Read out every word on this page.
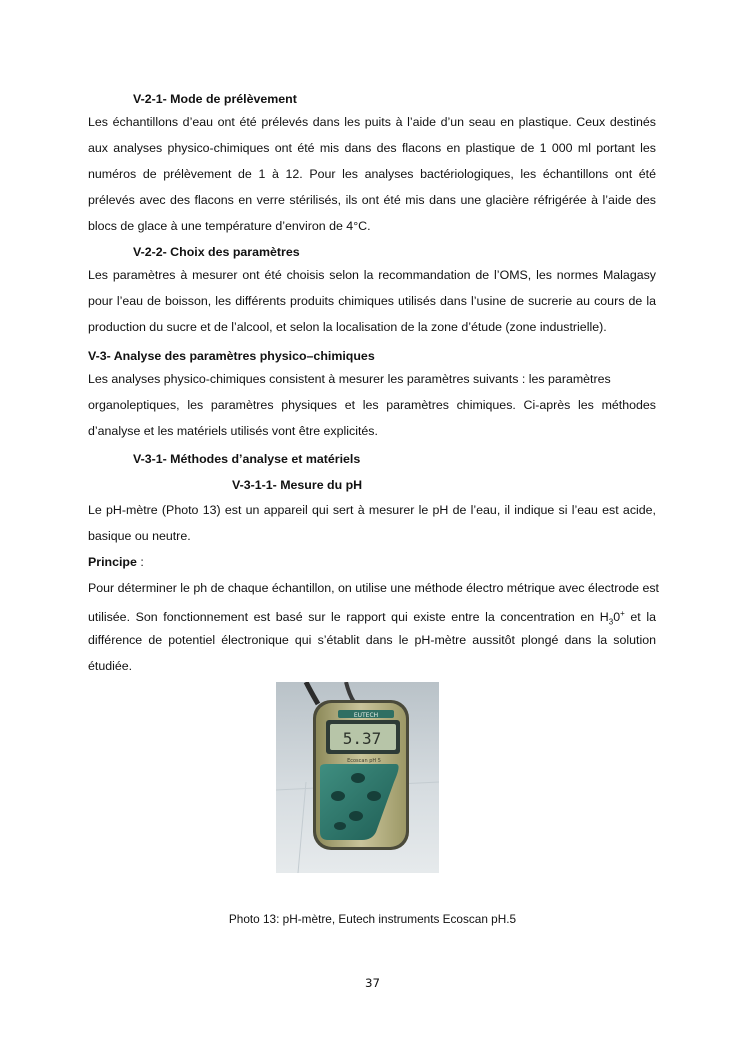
V-2-1- Mode de prélèvement
Les échantillons d’eau ont été prélevés dans les puits à l’aide d’un seau en plastique. Ceux destinés
aux analyses physico-chimiques ont été mis dans des flacons en plastique de 1 000 ml portant les
numéros de prélèvement de 1 à 12. Pour les analyses bactériologiques, les échantillons ont été
prélevés avec des flacons en verre stérilisés, ils ont été mis dans une glacière réfrigérée à l’aide des
blocs de glace à une température d’environ de 4°C.
V-2-2- Choix des paramètres
Les paramètres à mesurer ont été choisis selon la recommandation de l’OMS, les normes Malagasy
pour l’eau de boisson, les différents produits chimiques utilisés dans l’usine de sucrerie au cours de la
production du sucre et de l’alcool, et selon la localisation de la zone d’étude (zone industrielle).
V-3- Analyse des paramètres physico–chimiques
Les analyses physico-chimiques consistent à mesurer les paramètres suivants : les paramètres
organoleptiques, les paramètres physiques et les paramètres chimiques. Ci-après les méthodes
d’analyse et les matériels utilisés vont être explicités.
V-3-1- Méthodes d’analyse et matériels
V-3-1-1- Mesure du pH
Le pH-mètre (Photo 13) est un appareil qui sert à mesurer le pH de l’eau, il indique si l’eau est acide,
basique ou neutre.
Principe :
Pour déterminer le ph de chaque échantillon, on utilise une méthode électro métrique avec électrode est
utilisée. Son fonctionnement est basé sur le rapport qui existe entre la concentration en $H_30^+$ et la
différence de potentiel électronique qui s’établit dans le pH-mètre aussitôt plongé dans la solution
étudiée.
EUTECH
5.37
Ecoscan pH 5
Photo 13: pH-mètre, Eutech instruments Ecoscan pH.5
37
